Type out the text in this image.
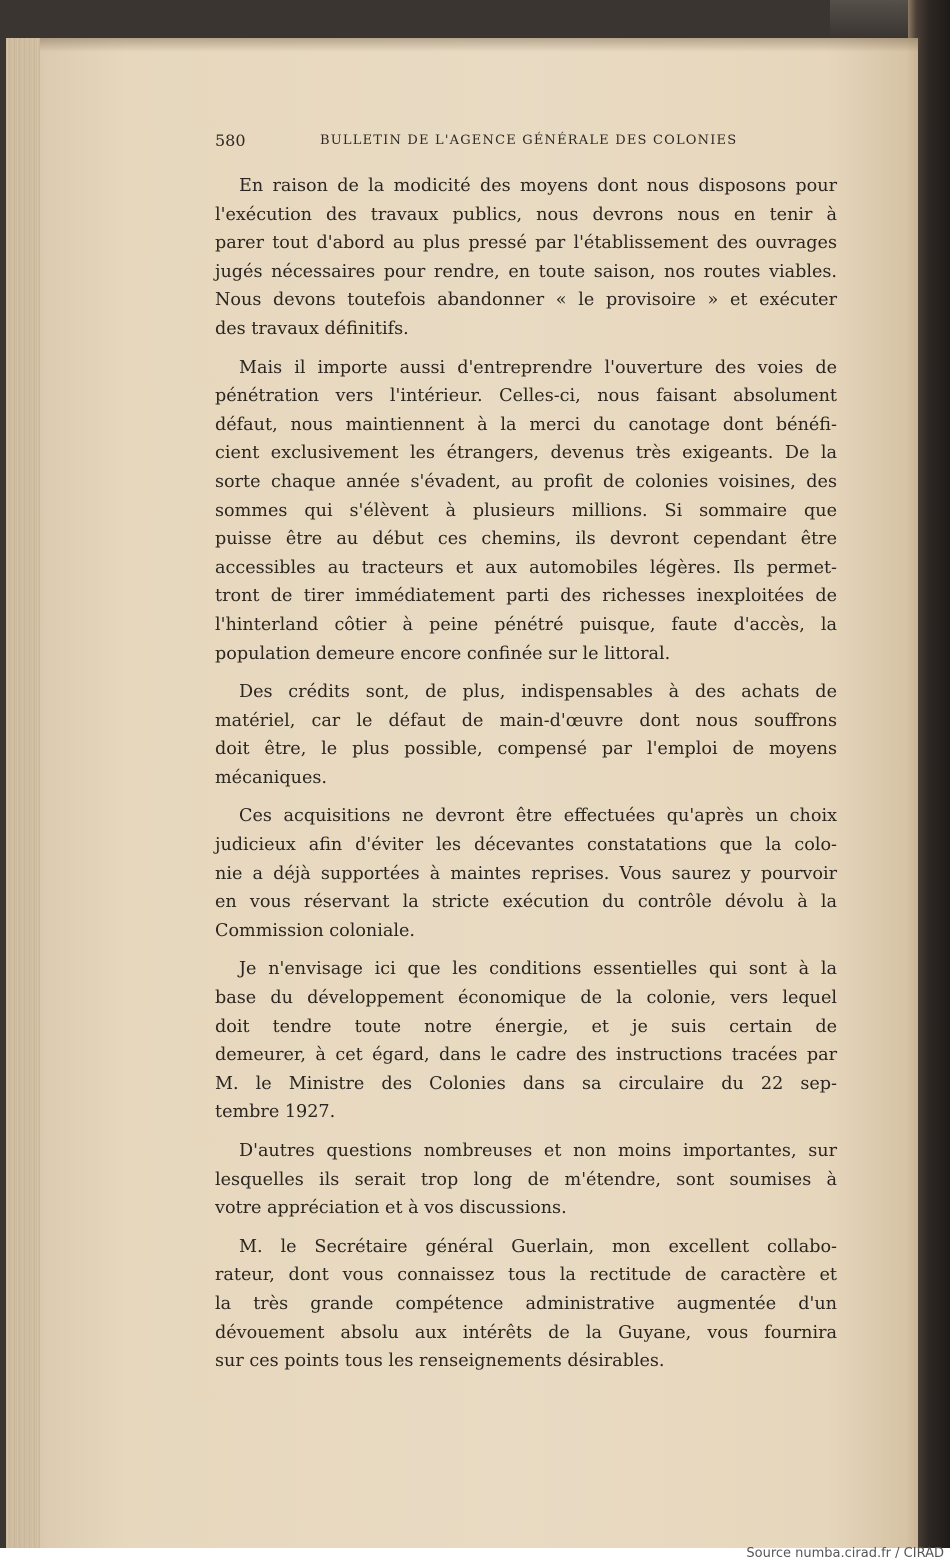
580	BULLETIN DE L'AGENCE GÉNÉRALE DES COLONIES
En raison de la modicité des moyens dont nous disposons pour
l'exécution des travaux publics, nous devrons nous en tenir à
parer tout d'abord au plus pressé par l'établissement des ouvrages
jugés nécessaires pour rendre, en toute saison, nos routes viables.
Nous devons toutefois abandonner « le provisoire » et exécuter
des travaux définitifs.
Mais il importe aussi d'entreprendre l'ouverture des voies de
pénétration vers l'intérieur. Celles-ci, nous faisant absolument
défaut, nous maintiennent à la merci du canotage dont bénéfi-
cient exclusivement les étrangers, devenus très exigeants. De la
sorte chaque année s'évadent, au profit de colonies voisines, des
sommes qui s'élèvent à plusieurs millions. Si sommaire que
puisse être au début ces chemins, ils devront cependant être
accessibles au tracteurs et aux automobiles légères. Ils permet-
tront de tirer immédiatement parti des richesses inexploitées de
l'hinterland côtier à peine pénétré puisque, faute d'accès, la
population demeure encore confinée sur le littoral.
Des crédits sont, de plus, indispensables à des achats de
matériel, car le défaut de main-d'œuvre dont nous souffrons
doit être, le plus possible, compensé par l'emploi de moyens
mécaniques.
Ces acquisitions ne devront être effectuées qu'après un choix
judicieux afin d'éviter les décevantes constatations que la colo-
nie a déjà supportées à maintes reprises. Vous saurez y pourvoir
en vous réservant la stricte exécution du contrôle dévolu à la
Commission coloniale.
Je n'envisage ici que les conditions essentielles qui sont à la
base du développement économique de la colonie, vers lequel
doit tendre toute notre énergie, et je suis certain de
demeurer, à cet égard, dans le cadre des instructions tracées par
M. le Ministre des Colonies dans sa circulaire du 22 sep-
tembre 1927.
D'autres questions nombreuses et non moins importantes, sur
lesquelles ils serait trop long de m'étendre, sont soumises à
votre appréciation et à vos discussions.
M. le Secrétaire général Guerlain, mon excellent collabo-
rateur, dont vous connaissez tous la rectitude de caractère et
la très grande compétence administrative augmentée d'un
dévouement absolu aux intérêts de la Guyane, vous fournira
sur ces points tous les renseignements désirables.
Source numba.cirad.fr / CIRAD
